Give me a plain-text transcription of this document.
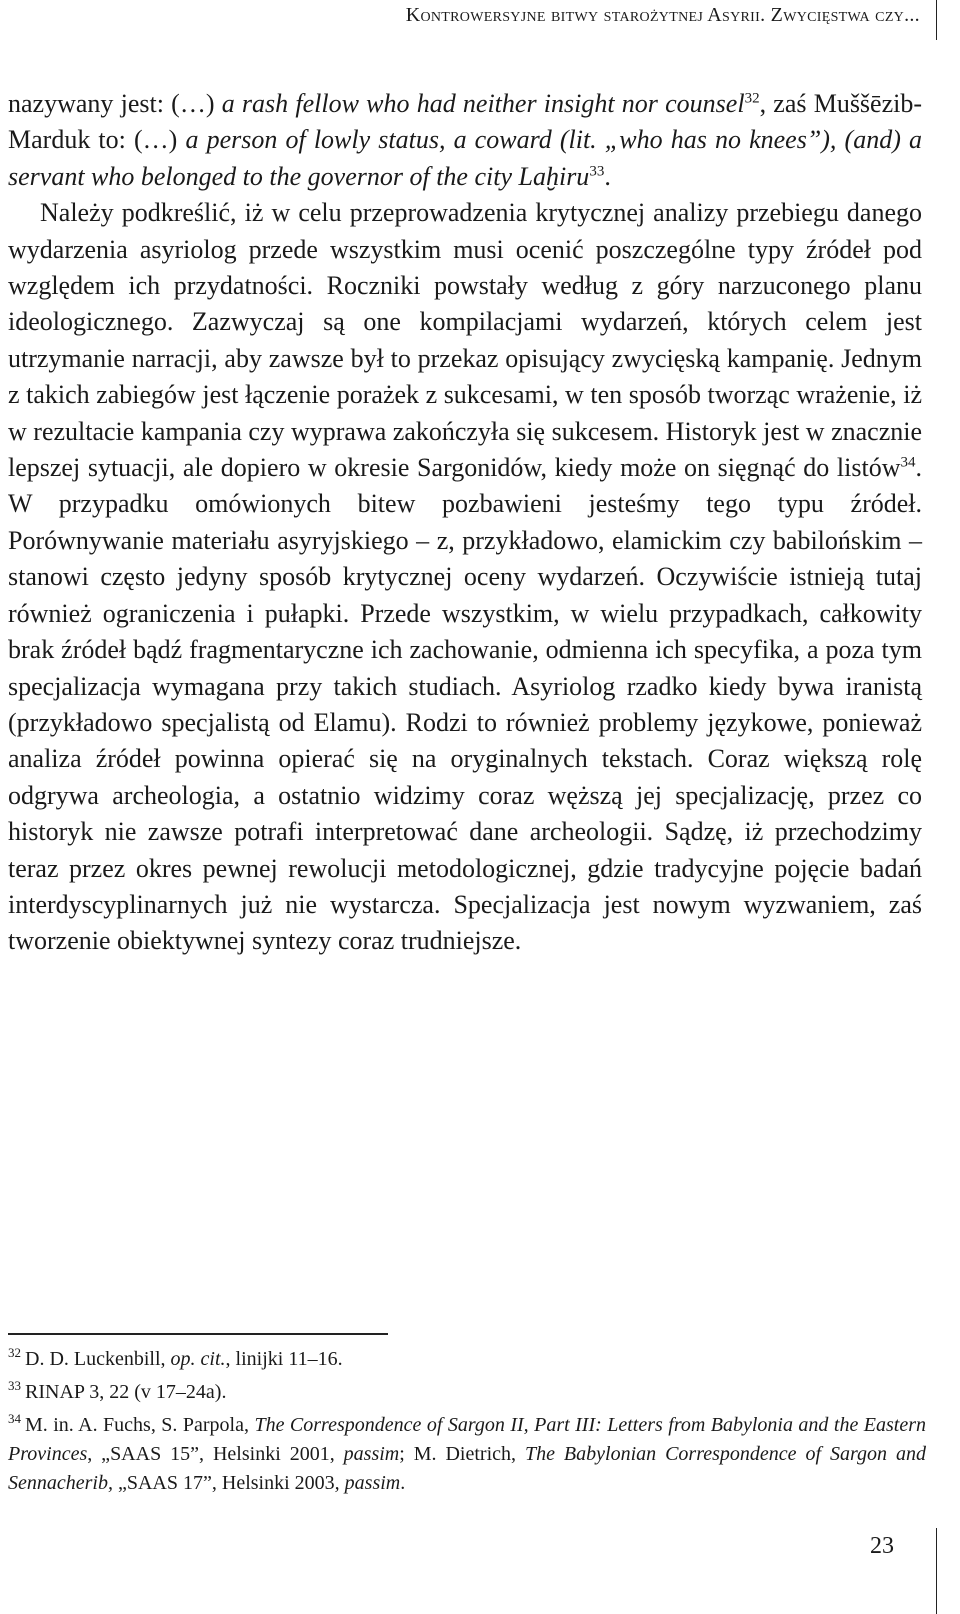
Kontrowersyjne bitwy starożytnej Asyrii. Zwycięstwa czy...

nazywany jest: (…) a rash fellow who had neither insight nor counsel$^{32}$, zaś Muššēzib-Marduk to: (…) a person of lowly status, a coward (lit. „who has no knees”), (and) a servant who belonged to the governor of the city Laḫiru$^{33}$.

Należy podkreślić, iż w celu przeprowadzenia krytycznej analizy przebiegu danego wydarzenia asyriolog przede wszystkim musi ocenić poszczególne typy źródeł pod względem ich przydatności. Roczniki powstały według z góry narzuconego planu ideologicznego. Zazwyczaj są one kompilacjami wydarzeń, których celem jest utrzymanie narracji, aby zawsze był to przekaz opisujący zwycięską kampanię. Jednym z takich zabiegów jest łączenie porażek z sukcesami, w ten sposób tworząc wrażenie, iż w rezultacie kampania czy wyprawa zakończyła się sukcesem. Historyk jest w znacznie lepszej sytuacji, ale dopiero w okresie Sargonidów, kiedy może on sięgnąć do listów$^{34}$. W przypadku omówionych bitew pozbawieni jesteśmy tego typu źródeł. Porównywanie materiału asyryjskiego – z, przykładowo, elamickim czy babilońskim – stanowi często jedyny sposób krytycznej oceny wydarzeń. Oczywiście istnieją tutaj również ograniczenia i pułapki. Przede wszystkim, w wielu przypadkach, całkowity brak źródeł bądź fragmentaryczne ich zachowanie, odmienna ich specyfika, a poza tym specjalizacja wymagana przy takich studiach. Asyriolog rzadko kiedy bywa iranistą (przykładowo specjalistą od Elamu). Rodzi to również problemy językowe, ponieważ analiza źródeł powinna opierać się na oryginalnych tekstach. Coraz większą rolę odgrywa archeologia, a ostatnio widzimy coraz węższą jej specjalizację, przez co historyk nie zawsze potrafi interpretować dane archeologii. Sądzę, iż przechodzimy teraz przez okres pewnej rewolucji metodologicznej, gdzie tradycyjne pojęcie badań interdyscyplinarnych już nie wystarcza. Specjalizacja jest nowym wyzwaniem, zaś tworzenie obiektywnej syntezy coraz trudniejsze.

$^{32}$ D. D. Luckenbill, op. cit., linijki 11–16.

$^{33}$ RINAP 3, 22 (v 17–24a).

$^{34}$ M. in. A. Fuchs, S. Parpola, The Correspondence of Sargon II, Part III: Letters from Babylonia and the Eastern Provinces, „SAAS 15”, Helsinki 2001, passim; M. Dietrich, The Babylonian Correspondence of Sargon and Sennacherib, „SAAS 17”, Helsinki 2003, passim.

23
